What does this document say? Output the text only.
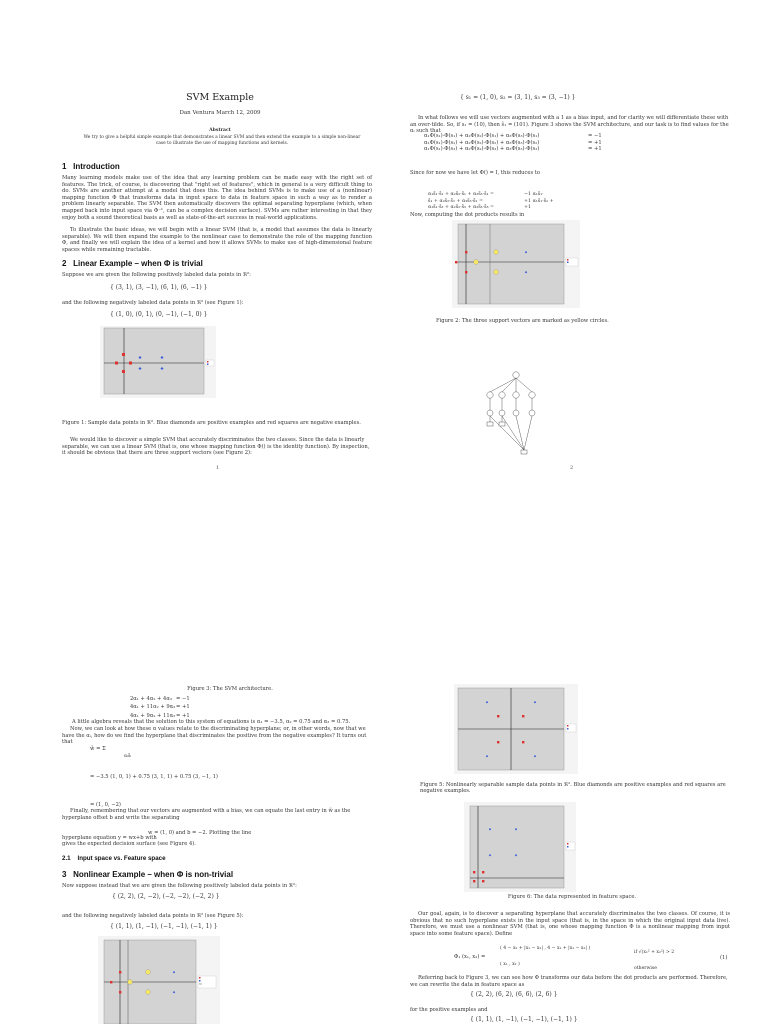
SVM Example
Dan Ventura March 12, 2009
Abstract
We try to give a helpful simple example that demonstrates a linear SVM and then extend the example to a simple non-linear case to illustrate the use of mapping functions and kernels.
1 Introduction
Many learning models make use of the idea that any learning problem can be made easy with the right set of features. The trick, of course, is discovering that "right set of features", which in general is a very difficult thing to do. SVMs are another attempt at a model that does this. The idea behind SVMs is to make use of a (nonlinear) mapping function Φ that transforms data in input space to data in feature space in such a way as to render a problem linearly separable. The SVM then automatically discovers the optimal separating hyperplane (which, when mapped back into input space via Φ⁻¹, can be a complex decision surface). SVMs are rather interesting in that they enjoy both a sound theoretical basis as well as state-of-the-art success in real-world applications.
To illustrate the basic ideas, we will begin with a linear SVM (that is, a model that assumes the data is linearly separable). We will then expand the example to the nonlinear case to demonstrate the role of the mapping function Φ, and finally we will explain the idea of a kernel and how it allows SVMs to make use of high-dimensional feature spaces while remaining tractable.
2 Linear Example – when Φ is trivial
Suppose we are given the following positively labeled data points in ℜ²:
{ (3, 1), (3, −1), (6, 1), (6, −1) }
and the following negatively labeled data points in ℜ² (see Figure 1):
{ (1, 0), (0, 1), (0, −1), (−1, 0) }
Figure 1: Sample data points in ℜ². Blue diamonds are positive examples and red squares are negative examples.
We would like to discover a simple SVM that accurately discriminates the two classes. Since the data is linearly separable, we can use a linear SVM (that is, one whose mapping function Φ() is the identity function). By inspection, it should be obvious that there are three support vectors (see Figure 2):
1
{ s₁ = (1, 0), s₂ = (3, 1), s₃ = (3, −1) }
In what follows we will use vectors augmented with a 1 as a bias input, and for clarity we will differentiate these with an over-tilde. So, if s₁ = (10), then s̃₁ = (101). Figure 3 shows the SVM architecture, and our task is to find values for the αᵢ such that
α₁Φ(s₁)·Φ(s₁) + α₂Φ(s₂)·Φ(s₁) + α₃Φ(s₃)·Φ(s₁)
α₁Φ(s₁)·Φ(s₂) + α₂Φ(s₂)·Φ(s₂) + α₃Φ(s₃)·Φ(s₂)
α₁Φ(s₁)·Φ(s₃) + α₂Φ(s₂)·Φ(s₃) + α₃Φ(s₃)·Φ(s₃)
= −1
= +1
= +1
Since for now we have let Φ() = I, this reduces to
α₁s̃₁·s̃₁ + α₂s̃₂·s̃₁ + α₃s̃₃·s̃₁ =
s̃₁ + α₂s̃₂·s̃₂ + α₃s̃₃·s̃₂ =
α₁s̃₁·s̃₃ + α₂s̃₂·s̃₃ + α₃s̃₃·s̃₃ =
−1 α₁s̃₁·
+1 α₁s̃₁·s̃₂ +
+1
Now, computing the dot products results in
Figure 2: The three support vectors are marked as yellow circles.
2
Figure 3: The SVM architecture.
2α₁ + 4α₂ + 4α₃
4α₁ + 11α₂ + 9α₃
4α₁ + 9α₂ + 11α₃
= −1
= +1
= +1
A little algebra reveals that the solution to this system of equations is α₁ = −3.5, α₂ = 0.75 and α₃ = 0.75.
Now, we can look at how these α values relate to the discriminating hyperplane; or, in other words, now that we have the αᵢ, how do we find the hyperplane that discriminates the positive from the negative examples? It turns out that
w̃ = Σ
αᵢs̃ᵢ
= −3.5 (1, 0, 1) + 0.75 (3, 1, 1) + 0.75 (3, −1, 1)
= (1, 0, −2)
Finally, remembering that our vectors are augmented with a bias, we can equate the last entry in w̃ as the hyperplane offset b and write the separating
w = (1, 0) and b = −2. Plotting the line
hyperplane equation y = wx+b with
gives the expected decision surface (see Figure 4).
2.1 Input space vs. Feature space
3 Nonlinear Example – when Φ is non-trivial
Now suppose instead that we are given the following positively labeled data points in ℜ²:
{ (2, 2), (2, −2), (−2, −2), (−2, 2) }
and the following negatively labeled data points in ℜ² (see Figure 5):
{ (1, 1), (1, −1), (−1, −1), (−1, 1) }
Figure 5: Nonlinearly separable sample data points in ℜ². Blue diamonds are positive examples and red squares are negative examples.
Figure 6: The data represented in feature space.
Our goal, again, is to discover a separating hyperplane that accurately discriminates the two classes. Of course, it is obvious that no such hyperplane exists in the input space (that is, in the space in which the original input data live). Therefore, we must use a nonlinear SVM (that is, one whose mapping function Φ is a nonlinear mapping from input space into some feature space). Define
Φ₁ (x₁, x₂) =
( 4 − x₂ + |x₁ − x₂| , 4 − x₁ + |x₁ − x₂| )
if √(x₁² + x₂²) > 2
( x₁ , x₂ )
otherwise
(1)
Referring back to Figure 3, we can see how Φ transforms our data before the dot products are performed. Therefore, we can rewrite the data in feature space as
{ (2, 2), (6, 2), (6, 6), (2, 6) }
for the positive examples and
{ (1, 1), (1, −1), (−1, −1), (−1, 1) }
